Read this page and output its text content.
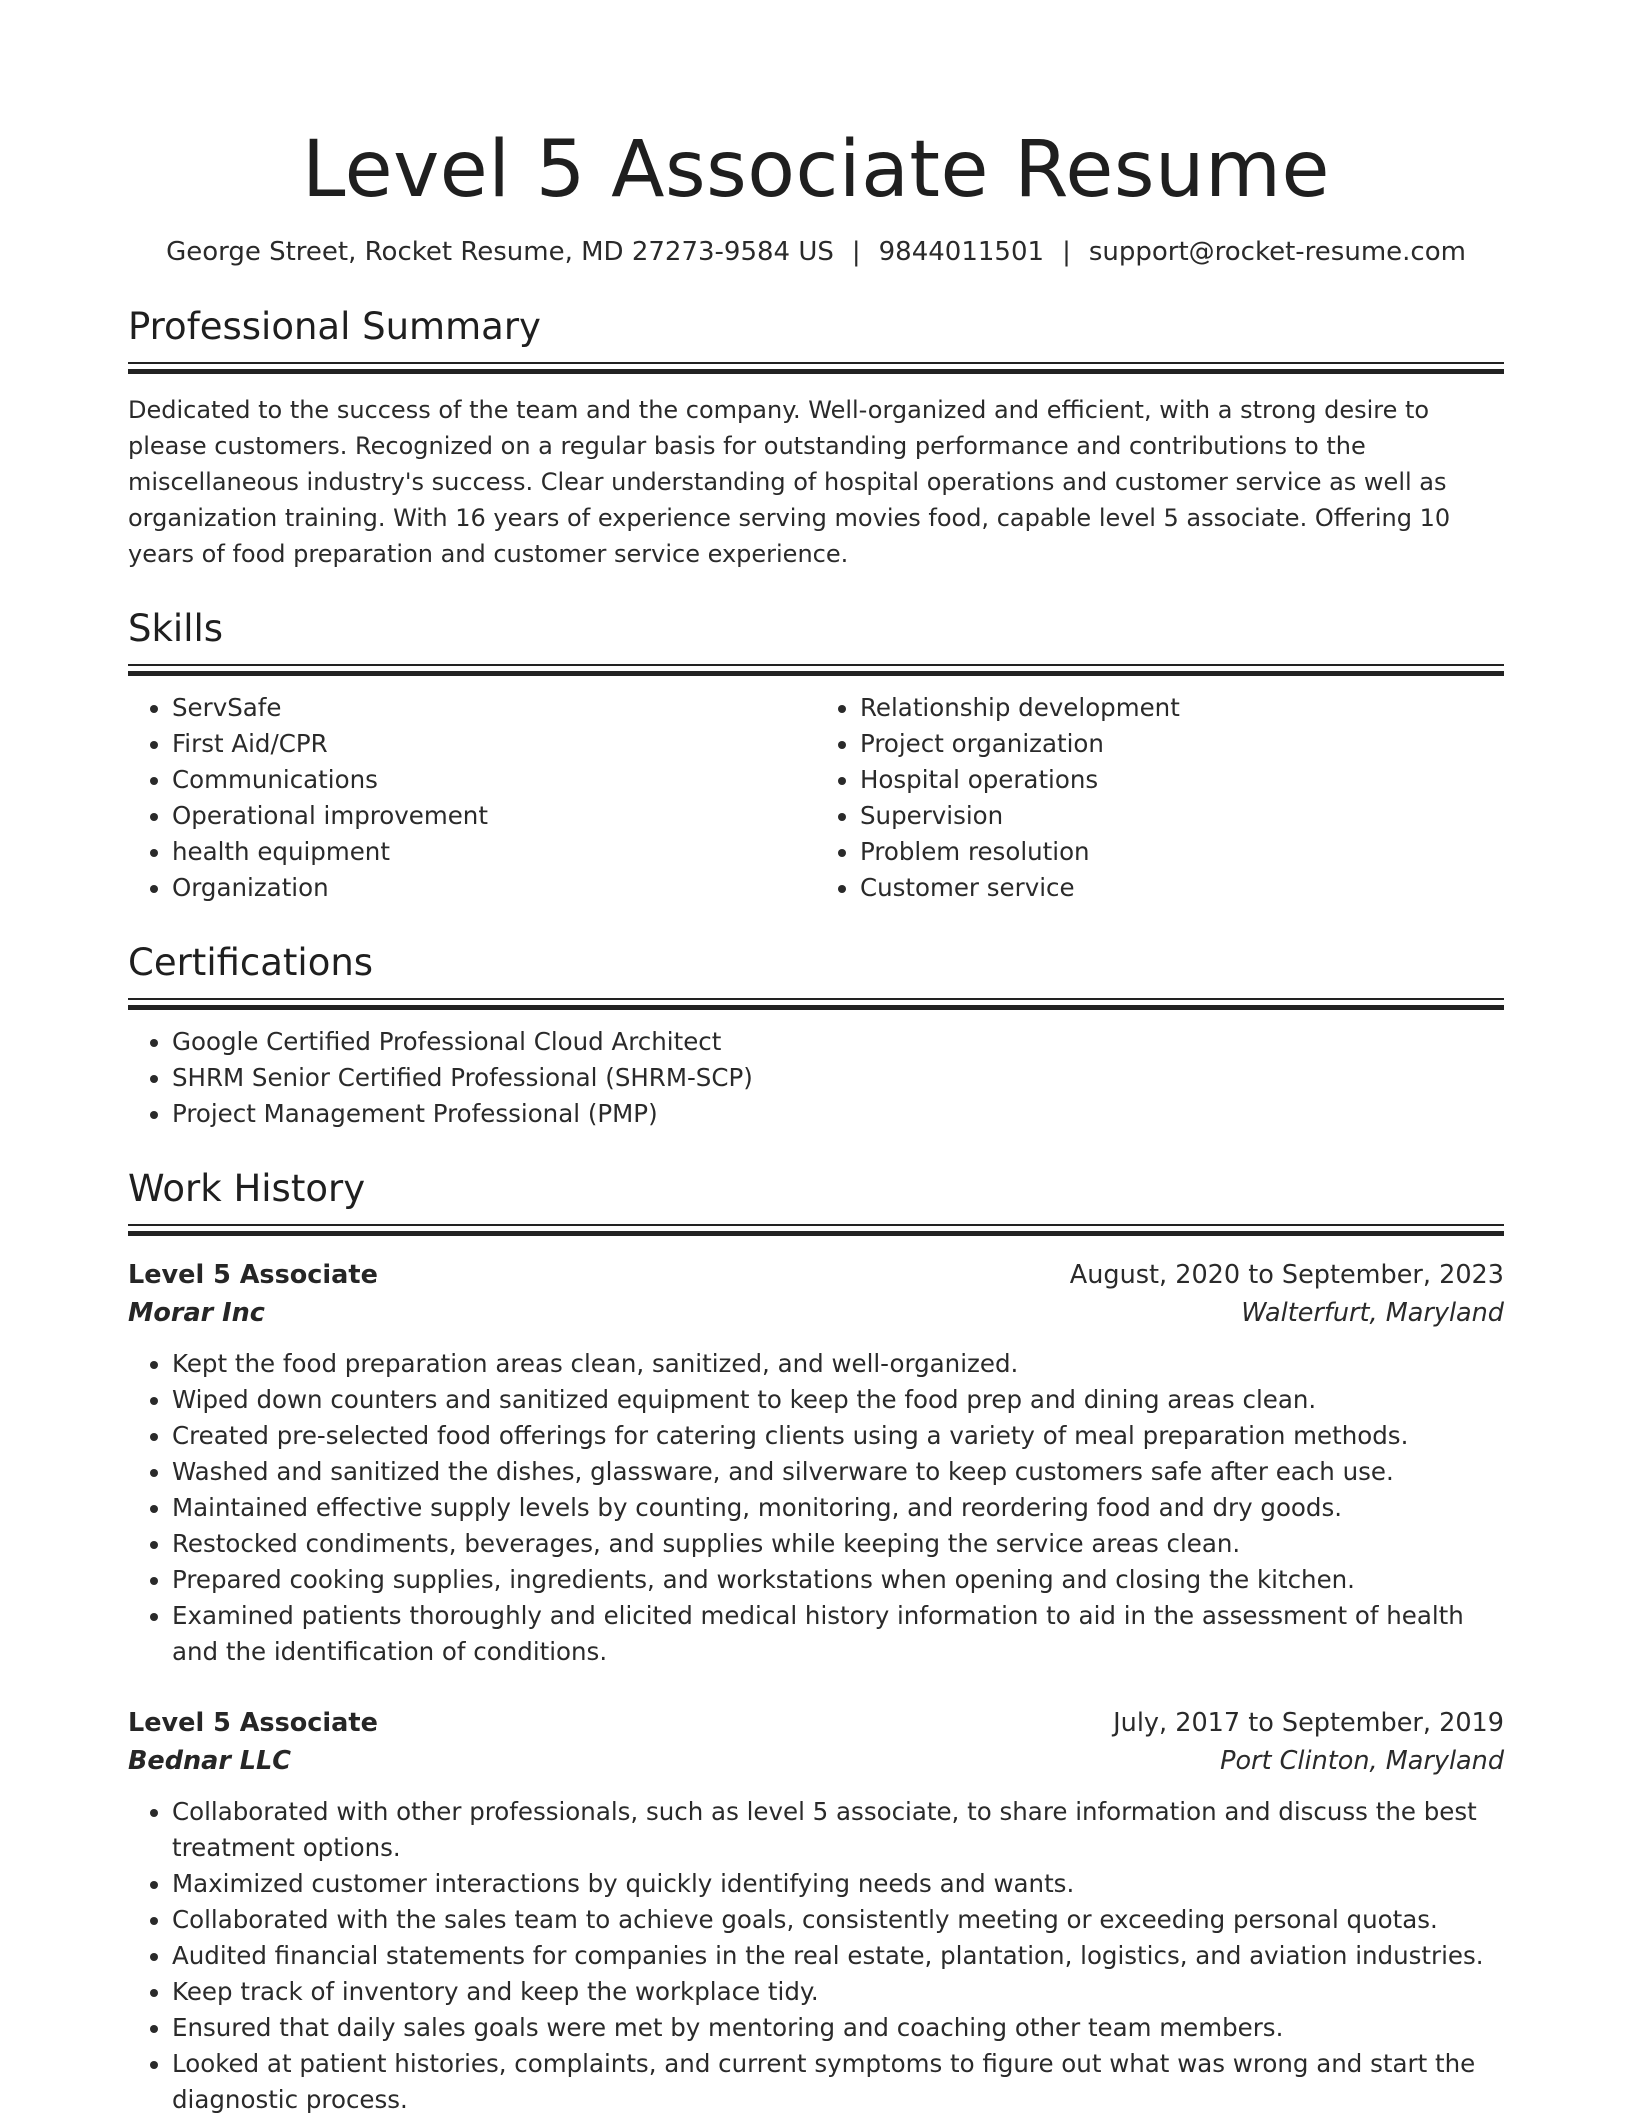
Level 5 Associate Resume
George Street, Rocket Resume, MD 27273-9584 US | 9844011501 | support@rocket-resume.com
Professional Summary
Dedicated to the success of the team and the company. Well-organized and efficient, with a strong desire to please customers. Recognized on a regular basis for outstanding performance and contributions to the miscellaneous industry's success. Clear understanding of hospital operations and customer service as well as organization training. With 16 years of experience serving movies food, capable level 5 associate. Offering 10 years of food preparation and customer service experience.
Skills
• ServSafe
• First Aid/CPR
• Communications
• Operational improvement
• health equipment
• Organization
• Relationship development
• Project organization
• Hospital operations
• Supervision
• Problem resolution
• Customer service
Certifications
• Google Certified Professional Cloud Architect
• SHRM Senior Certified Professional (SHRM-SCP)
• Project Management Professional (PMP)
Work History
Level 5 Associate	August, 2020 to September, 2023
Morar Inc	Walterfurt, Maryland
• Kept the food preparation areas clean, sanitized, and well-organized.
• Wiped down counters and sanitized equipment to keep the food prep and dining areas clean.
• Created pre-selected food offerings for catering clients using a variety of meal preparation methods.
• Washed and sanitized the dishes, glassware, and silverware to keep customers safe after each use.
• Maintained effective supply levels by counting, monitoring, and reordering food and dry goods.
• Restocked condiments, beverages, and supplies while keeping the service areas clean.
• Prepared cooking supplies, ingredients, and workstations when opening and closing the kitchen.
• Examined patients thoroughly and elicited medical history information to aid in the assessment of health and the identification of conditions.
Level 5 Associate	July, 2017 to September, 2019
Bednar LLC	Port Clinton, Maryland
• Collaborated with other professionals, such as level 5 associate, to share information and discuss the best treatment options.
• Maximized customer interactions by quickly identifying needs and wants.
• Collaborated with the sales team to achieve goals, consistently meeting or exceeding personal quotas.
• Audited financial statements for companies in the real estate, plantation, logistics, and aviation industries.
• Keep track of inventory and keep the workplace tidy.
• Ensured that daily sales goals were met by mentoring and coaching other team members.
• Looked at patient histories, complaints, and current symptoms to figure out what was wrong and start the diagnostic process.
